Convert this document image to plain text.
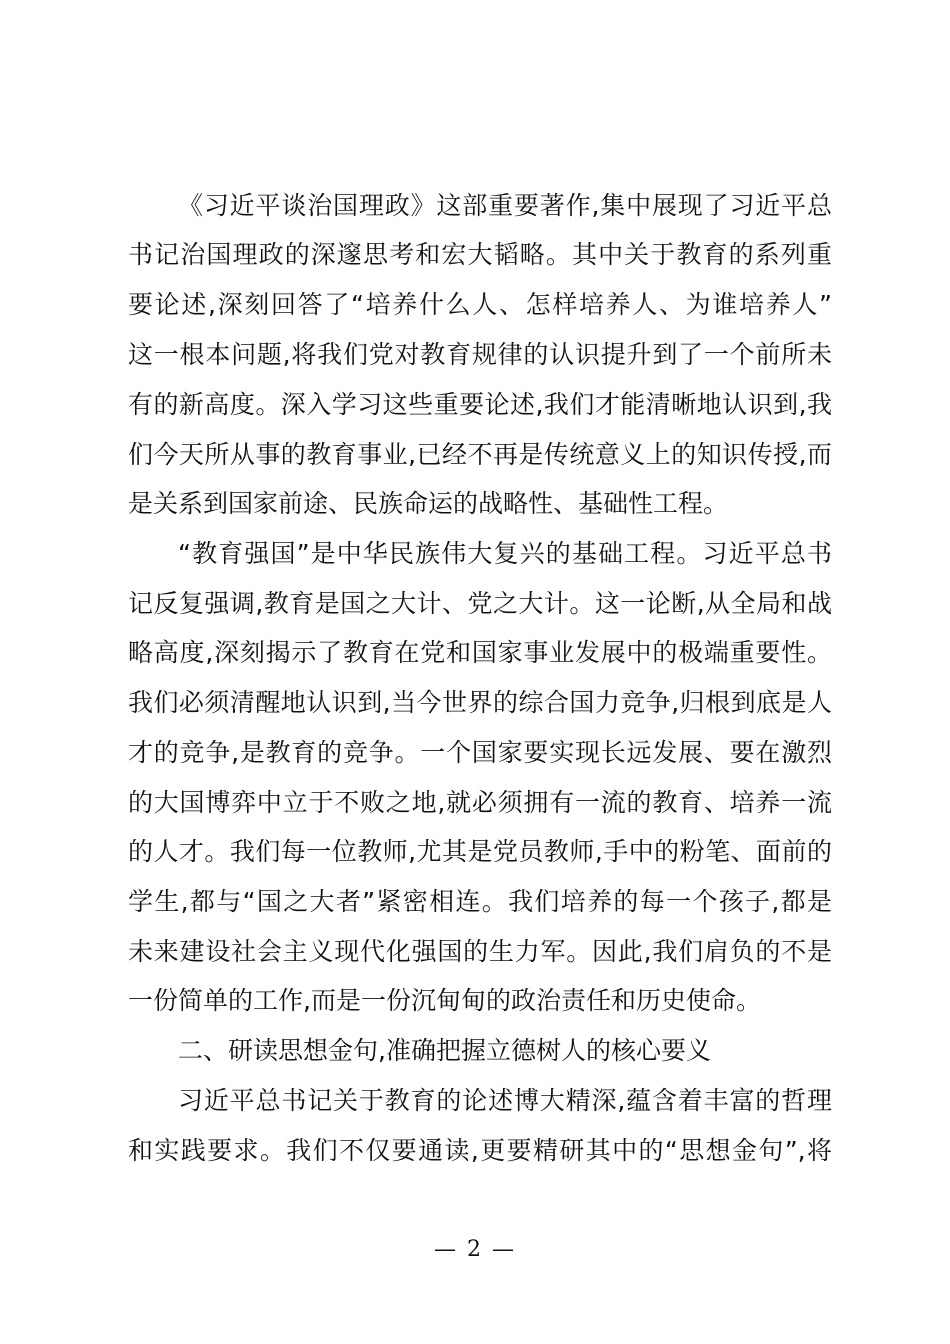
《习近平谈治国理政》这部重要著作,集中展现了习近平总
书记治国理政的深邃思考和宏大韬略。其中关于教育的系列重
要论述,深刻回答了“培养什么人、怎样培养人、为谁培养人”
这一根本问题,将我们党对教育规律的认识提升到了一个前所未
有的新高度。深入学习这些重要论述,我们才能清晰地认识到,我
们今天所从事的教育事业,已经不再是传统意义上的知识传授,而
是关系到国家前途、民族命运的战略性、基础性工程。
“教育强国”是中华民族伟大复兴的基础工程。习近平总书
记反复强调,教育是国之大计、党之大计。这一论断,从全局和战
略高度,深刻揭示了教育在党和国家事业发展中的极端重要性。
我们必须清醒地认识到,当今世界的综合国力竞争,归根到底是人
才的竞争,是教育的竞争。一个国家要实现长远发展、要在激烈
的大国博弈中立于不败之地,就必须拥有一流的教育、培养一流
的人才。我们每一位教师,尤其是党员教师,手中的粉笔、面前的
学生,都与“国之大者”紧密相连。我们培养的每一个孩子,都是
未来建设社会主义现代化强国的生力军。因此,我们肩负的不是
一份简单的工作,而是一份沉甸甸的政治责任和历史使命。
二、研读思想金句,准确把握立德树人的核心要义
习近平总书记关于教育的论述博大精深,蕴含着丰富的哲理
和实践要求。我们不仅要通读,更要精研其中的“思想金句”,将
— 2 —
